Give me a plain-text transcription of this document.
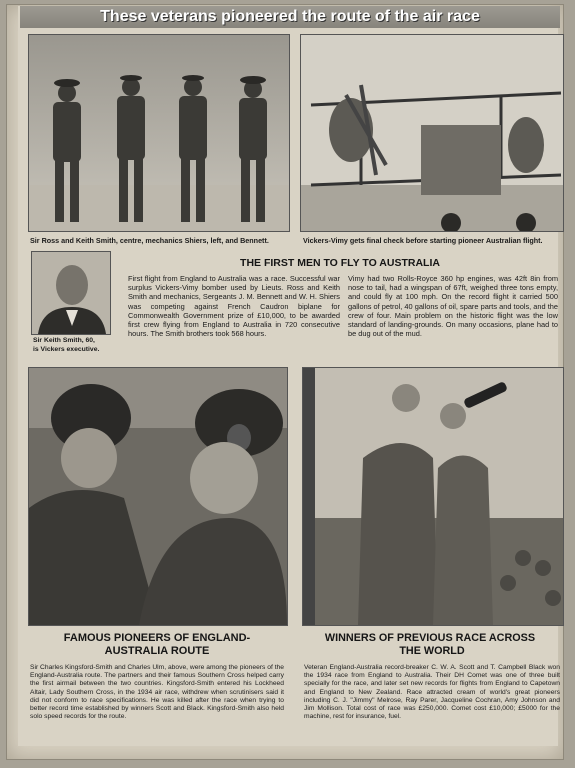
These veterans pioneered the route of the air race
Sir Ross and Keith Smith, centre, mechanics Shiers, left, and Bennett.	Vickers-Vimy gets final check before starting pioneer Australian flight.
Sir Keith Smith, 60,
is Vickers executive.
THE FIRST MEN TO FLY TO AUSTRALIA
First flight from England to Australia was a race. Successful war surplus Vickers-Vimy bomber used by Lieuts. Ross and Keith Smith and mechanics, Sergeants J. M. Bennett and W. H. Shiers was competing against French Caudron biplane for Commonwealth Government prize of £10,000, to be awarded first crew flying from England to Australia in 720 consecutive hours. The Smith brothers took 568 hours.
Vimy had two Rolls-Royce 360 hp engines, was 42ft 8in from nose to tail, had a wingspan of 67ft, weighed three tons empty, and could fly at 100 mph. On the record flight it carried 500 gallons of petrol, 40 gallons of oil, spare parts and tools, and the crew of four. Main problem on the historic flight was the low standard of landing-grounds. On many occasions, plane had to be dug out of the mud.
FAMOUS PIONEERS OF ENGLAND-
AUSTRALIA ROUTE
WINNERS OF PREVIOUS RACE ACROSS
THE WORLD
Sir Charles Kingsford-Smith and Charles Ulm, above, were among the pioneers of the England-Australia route. The partners and their famous Southern Cross helped carry the first airmail between the two countries. Kingsford-Smith entered his Lockheed Altair, Lady Southern Cross, in the 1934 air race, withdrew when scrutinisers said it did not conform to race specifications. He was killed after the race when trying to better record time established by winners Scott and Black. Kingsford-Smith also held solo speed records for the route.
Veteran England-Australia record-breaker C. W. A. Scott and T. Campbell Black won the 1934 race from England to Australia. Their DH Comet was one of three built specially for the race, and later set new records for flights from England to Capetown and England to New Zealand. Race attracted cream of world's great pioneers including C. J. "Jimmy" Melrose, Ray Parer, Jacqueline Cochran, Amy Johnson and Jim Mollison. Total cost of race was £250,000. Comet cost £10,000; £5000 for the machine, rest for insurance, fuel.
